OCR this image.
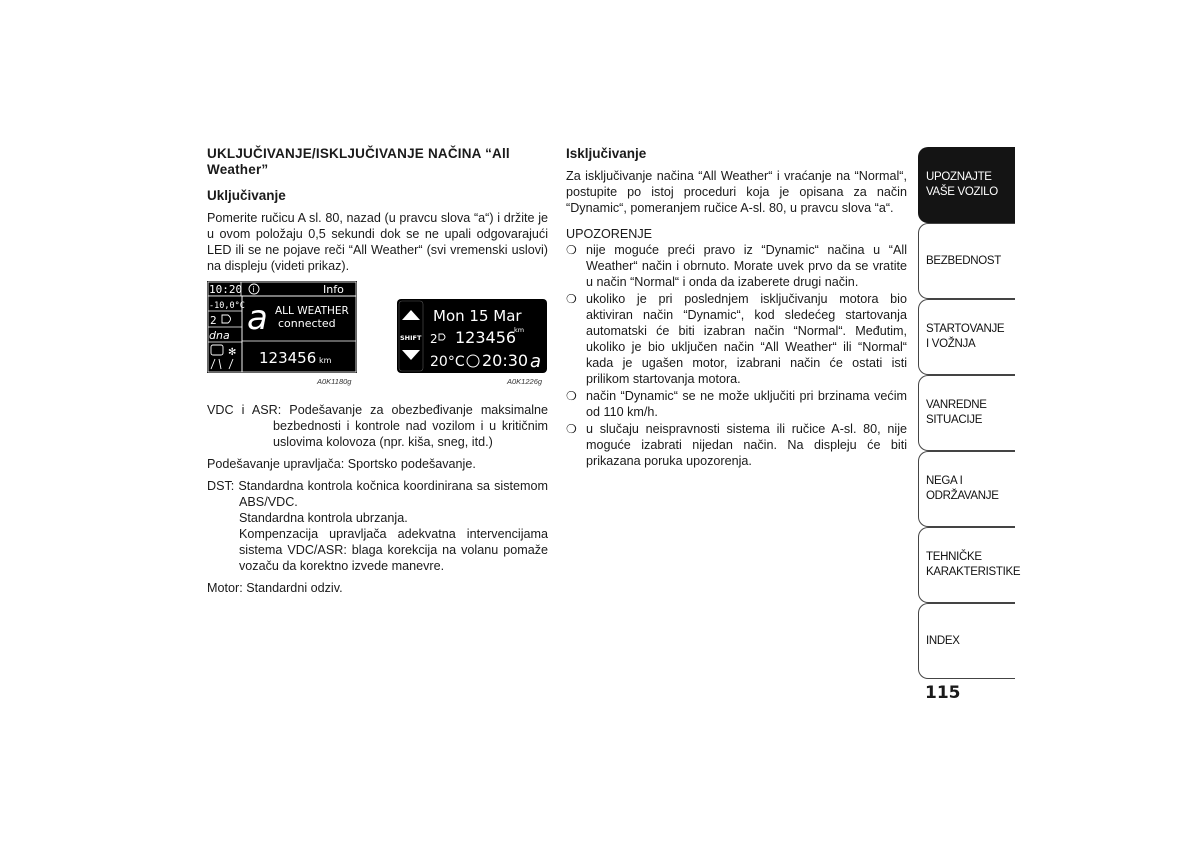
UKLJUČIVANJE/ISKLJUČIVANJE NAČINA “All Weather”
Uključivanje

Pomerite ručicu A sl. 80, nazad (u pravcu slova “a“) i držite je u ovom položaju 0,5 sekundi dok se ne upali odgovarajući LED ili se ne pojave reči “All Weather“ (svi vremenski uslovi) na displeju (videti prikaz).

10:20 i	Info
-10,0°C
2
dna
✻
a ALL WEATHER
connected
123456 km
A0K1180g
SHIFT
Mon 15 Mar
2 123456
km
20°C 20:30 a
A0K1226g

VDC i ASR: Podešavanje za obezbeđivanje maksimalne bezbednosti i kontrole nad vozilom i u kritičnim uslovima kolovoza (npr. kiša, sneg, itd.)

Podešavanje upravljača: Sportsko podešavanje.

DST: Standardna kontrola kočnica koordinirana sa sistemom ABS/VDC.

Standardna kontrola ubrzanja.

Kompenzacija upravljača adekvatna intervencijama sistema VDC/ASR: blaga korekcija na volanu pomaže vozaču da korektno izvede manevre.

Motor: Standardni odziv.

Isključivanje

Za isključivanje načina “All Weather“ i vraćanje na “Normal“, postupite po istoj proceduri koja je opisana za način “Dynamic“, pomeranjem ručice A-sl. 80, u pravcu slova “a“.

UPOZORENJE

❍ nije moguće preći pravo iz “Dynamic“ načina u “All Weather“ način i obrnuto. Morate uvek prvo da se vratite u način “Normal“ i onda da izaberete drugi način.
❍ ukoliko je pri poslednjem isključivanju motora bio aktiviran način “Dynamic“, kod sledećeg startovanja automatski će biti izabran način “Normal“. Međutim, ukoliko je bio uključen način “All Weather“ ili “Normal“ kada je ugašen motor, izabrani način će ostati isti prilikom startovanja motora.
❍ način “Dynamic“ se ne može uključiti pri brzinama većim od 110 km/h.
❍ u slučaju neispravnosti sistema ili ručice A-sl. 80, nije moguće izabrati nijedan način. Na displeju će biti prikazana poruka upozorenja.
UPOZNAJTE
VAŠE VOZILO
BEZBEDNOST
STARTOVANJE
I VOŽNJA
VANREDNE
SITUACIJE
NEGA I
ODRŽAVANJE
TEHNIČKE
KARAKTERISTIKE
INDEX
115
